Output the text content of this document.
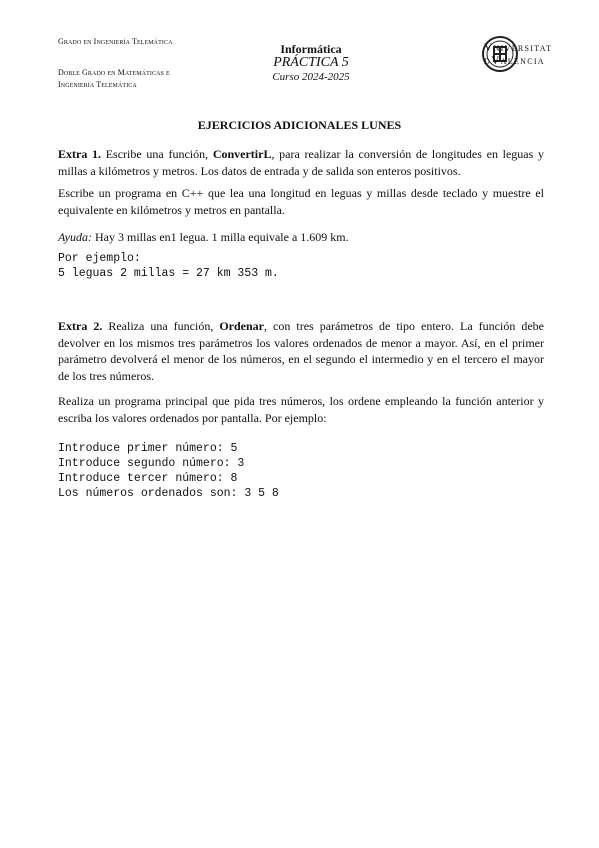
Grado en Ingeniería Telemática
Doble Grado en Matemáticas e
Ingeniería Telemática
Informática
PRÁCTICA 5
Curso 2024-2025
Vniversitat
dValència
EJERCICIOS ADICIONALES LUNES
Extra 1. Escribe una función, ConvertirL, para realizar la conversión de longitudes en leguas y millas a kilómetros y metros. Los datos de entrada y de salida son enteros positivos.
Escribe un programa en C++ que lea una longitud en leguas y millas desde teclado y muestre el equivalente en kilómetros y metros en pantalla.
Ayuda: Hay 3 millas en1 legua. 1 milla equivale a 1.609 km.
Por ejemplo:
5 leguas 2 millas = 27 km 353 m.
Extra 2. Realiza una función, Ordenar, con tres parámetros de tipo entero. La función debe devolver en los mismos tres parámetros los valores ordenados de menor a mayor. Así, en el primer parámetro devolverá el menor de los números, en el segundo el intermedio y en el tercero el mayor de los tres números.
Realiza un programa principal que pida tres números, los ordene empleando la función anterior y escriba los valores ordenados por pantalla. Por ejemplo:
Introduce primer número: 5
Introduce segundo número: 3
Introduce tercer número: 8
Los números ordenados son: 3 5 8
